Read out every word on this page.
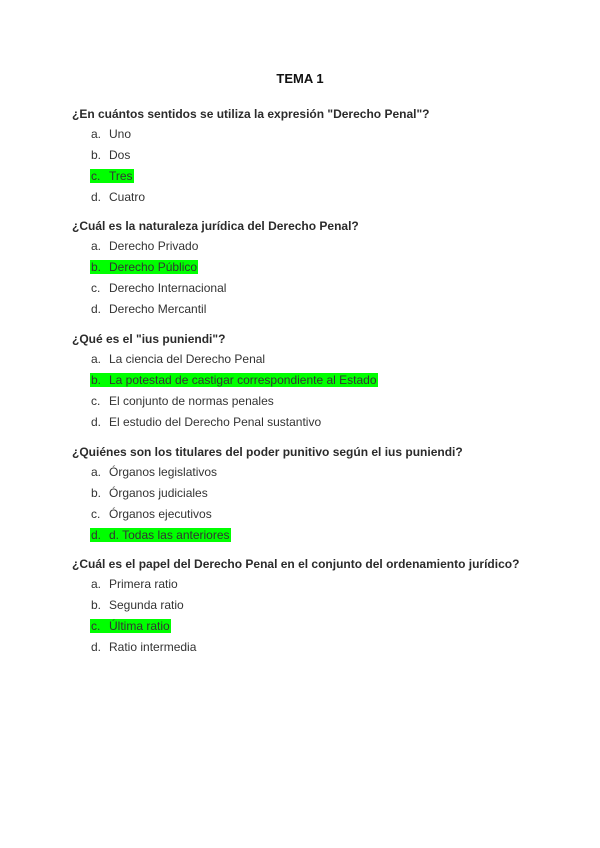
TEMA 1
¿En cuántos sentidos se utiliza la expresión "Derecho Penal"?
a. Uno
b. Dos
c. Tres
d. Cuatro
¿Cuál es la naturaleza jurídica del Derecho Penal?
a. Derecho Privado
b. Derecho Público
c. Derecho Internacional
d. Derecho Mercantil
¿Qué es el "ius puniendi"?
a. La ciencia del Derecho Penal
b. La potestad de castigar correspondiente al Estado
c. El conjunto de normas penales
d. El estudio del Derecho Penal sustantivo
¿Quiénes son los titulares del poder punitivo según el ius puniendi?
a. Órganos legislativos
b. Órganos judiciales
c. Órganos ejecutivos
d. d. Todas las anteriores
¿Cuál es el papel del Derecho Penal en el conjunto del ordenamiento jurídico?
a. Primera ratio
b. Segunda ratio
c. Última ratio
d. Ratio intermedia
